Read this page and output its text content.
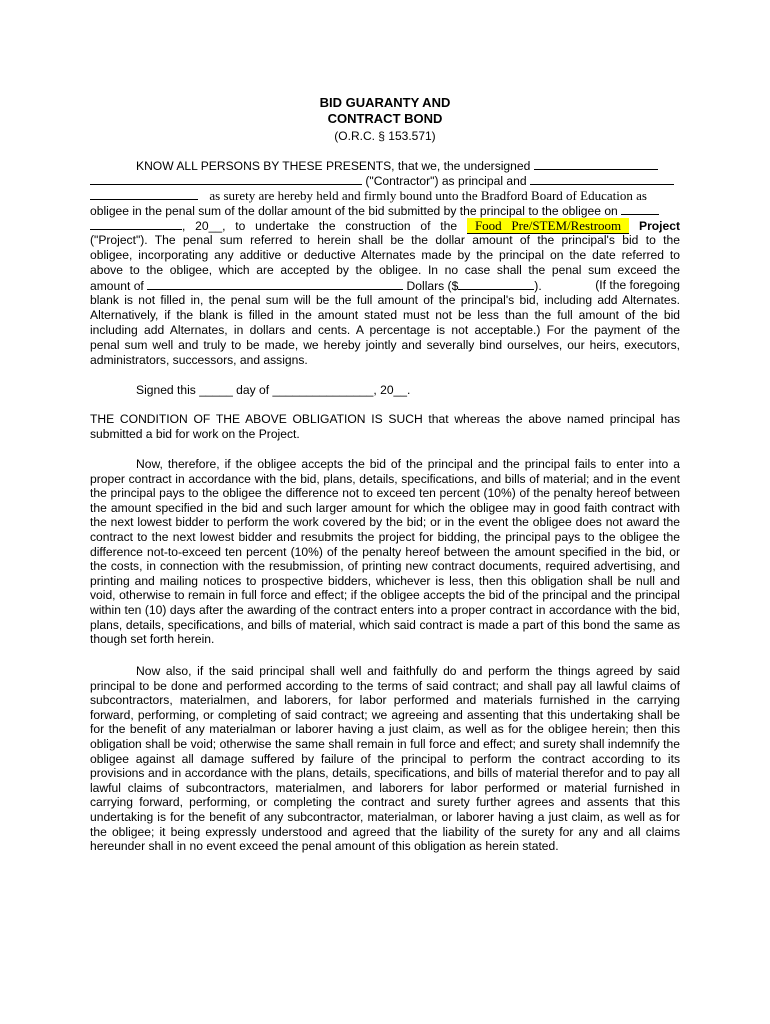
BID GUARANTY AND
CONTRACT BOND
(O.R.C. § 153.571)
KNOW ALL PERSONS BY THESE PRESENTS, that we, the undersigned
("Contractor") as principal and
as surety are hereby held and firmly bound unto the Bradford Board of Education as
obligee in the penal sum of the dollar amount of the bid submitted by the principal to the obligee on
, 20__, to undertake the construction of the Food Pre/STEM/Restroom Project
("Project"). The penal sum referred to herein shall be the dollar amount of the principal's bid to the
obligee, incorporating any additive or deductive Alternates made by the principal on the date referred to
above to the obligee, which are accepted by the obligee. In no case shall the penal sum exceed the
amount of	Dollars ($	).	(If the foregoing
blank is not filled in, the penal sum will be the full amount of the principal's bid, including add Alternates.
Alternatively, if the blank is filled in the amount stated must not be less than the full amount of the bid
including add Alternates, in dollars and cents. A percentage is not acceptable.) For the payment of the
penal sum well and truly to be made, we hereby jointly and severally bind ourselves, our heirs, executors,
administrators, successors, and assigns.
Signed this _____ day of _______________, 20__.
THE CONDITION OF THE ABOVE OBLIGATION IS SUCH that whereas the above named principal has submitted a bid for work on the Project.
Now, therefore, if the obligee accepts the bid of the principal and the principal fails to enter into a proper contract in accordance with the bid, plans, details, specifications, and bills of material; and in the event the principal pays to the obligee the difference not to exceed ten percent (10%) of the penalty hereof between the amount specified in the bid and such larger amount for which the obligee may in good faith contract with the next lowest bidder to perform the work covered by the bid; or in the event the obligee does not award the contract to the next lowest bidder and resubmits the project for bidding, the principal pays to the obligee the difference not-to-exceed ten percent (10%) of the penalty hereof between the amount specified in the bid, or the costs, in connection with the resubmission, of printing new contract documents, required advertising, and printing and mailing notices to prospective bidders, whichever is less, then this obligation shall be null and void, otherwise to remain in full force and effect; if the obligee accepts the bid of the principal and the principal within ten (10) days after the awarding of the contract enters into a proper contract in accordance with the bid, plans, details, specifications, and bills of material, which said contract is made a part of this bond the same as though set forth herein.
Now also, if the said principal shall well and faithfully do and perform the things agreed by said principal to be done and performed according to the terms of said contract; and shall pay all lawful claims of subcontractors, materialmen, and laborers, for labor performed and materials furnished in the carrying forward, performing, or completing of said contract; we agreeing and assenting that this undertaking shall be for the benefit of any materialman or laborer having a just claim, as well as for the obligee herein; then this obligation shall be void; otherwise the same shall remain in full force and effect; and surety shall indemnify the obligee against all damage suffered by failure of the principal to perform the contract according to its provisions and in accordance with the plans, details, specifications, and bills of material therefor and to pay all lawful claims of subcontractors, materialmen, and laborers for labor performed or material furnished in carrying forward, performing, or completing the contract and surety further agrees and assents that this undertaking is for the benefit of any subcontractor, materialman, or laborer having a just claim, as well as for the obligee; it being expressly understood and agreed that the liability of the surety for any and all claims hereunder shall in no event exceed the penal amount of this obligation as herein stated.
